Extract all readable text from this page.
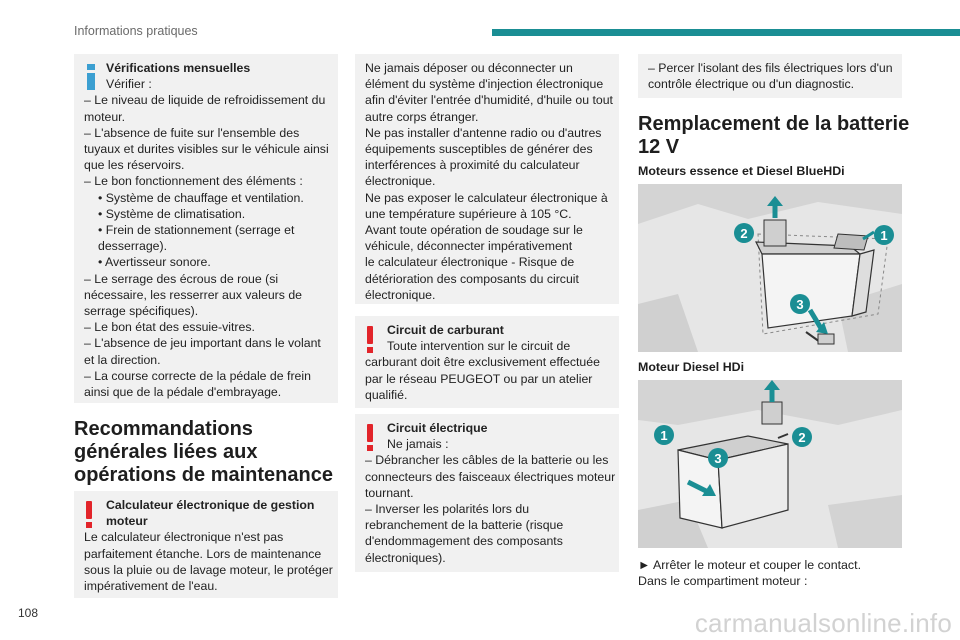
Informations pratiques
Vérifications mensuelles
Vérifier :
– Le niveau de liquide de refroidissement du
moteur.
– L'absence de fuite sur l'ensemble des
tuyaux et durites visibles sur le véhicule ainsi
que les réservoirs.
– Le bon fonctionnement des éléments :
• Système de chauffage et ventilation.
• Système de climatisation.
• Frein de stationnement (serrage et
desserrage).
• Avertisseur sonore.
– Le serrage des écrous de roue (si
nécessaire, les resserrer aux valeurs de
serrage spécifiques).
– Le bon état des essuie-vitres.
– L'absence de jeu important dans le volant
et la direction.
– La course correcte de la pédale de frein
ainsi que de la pédale d'embrayage.
Recommandations
générales liées aux
opérations de maintenance
Calculateur électronique de gestion
moteur
Le calculateur électronique n'est pas
parfaitement étanche. Lors de maintenance
sous la pluie ou de lavage moteur, le protéger
impérativement de l'eau.
Ne jamais déposer ou déconnecter un
élément du système d'injection électronique
afin d'éviter l'entrée d'humidité, d'huile ou tout
autre corps étranger.
Ne pas installer d'antenne radio ou d'autres
équipements susceptibles de générer des
interférences à proximité du calculateur
électronique.
Ne pas exposer le calculateur électronique à
une température supérieure à 105 °C.
Avant toute opération de soudage sur le
véhicule, déconnecter impérativement
le calculateur électronique - Risque de
détérioration des composants du circuit
électronique.
Circuit de carburant
Toute intervention sur le circuit de
carburant doit être exclusivement effectuée
par le réseau PEUGEOT ou par un atelier
qualifié.
Circuit électrique
Ne jamais :
– Débrancher les câbles de la batterie ou les
connecteurs des faisceaux électriques moteur
tournant.
– Inverser les polarités lors du
rebranchement de la batterie (risque
d'endommagement des composants
électroniques).
– Percer l'isolant des fils électriques lors d'un
contrôle électrique ou d'un diagnostic.
Remplacement de la batterie
12 V
Moteurs essence et Diesel BlueHDi
1
2
3
Moteur Diesel HDi
1	2
3
► Arrêter le moteur et couper le contact.
Dans le compartiment moteur :
108	carmanualsonline.info
